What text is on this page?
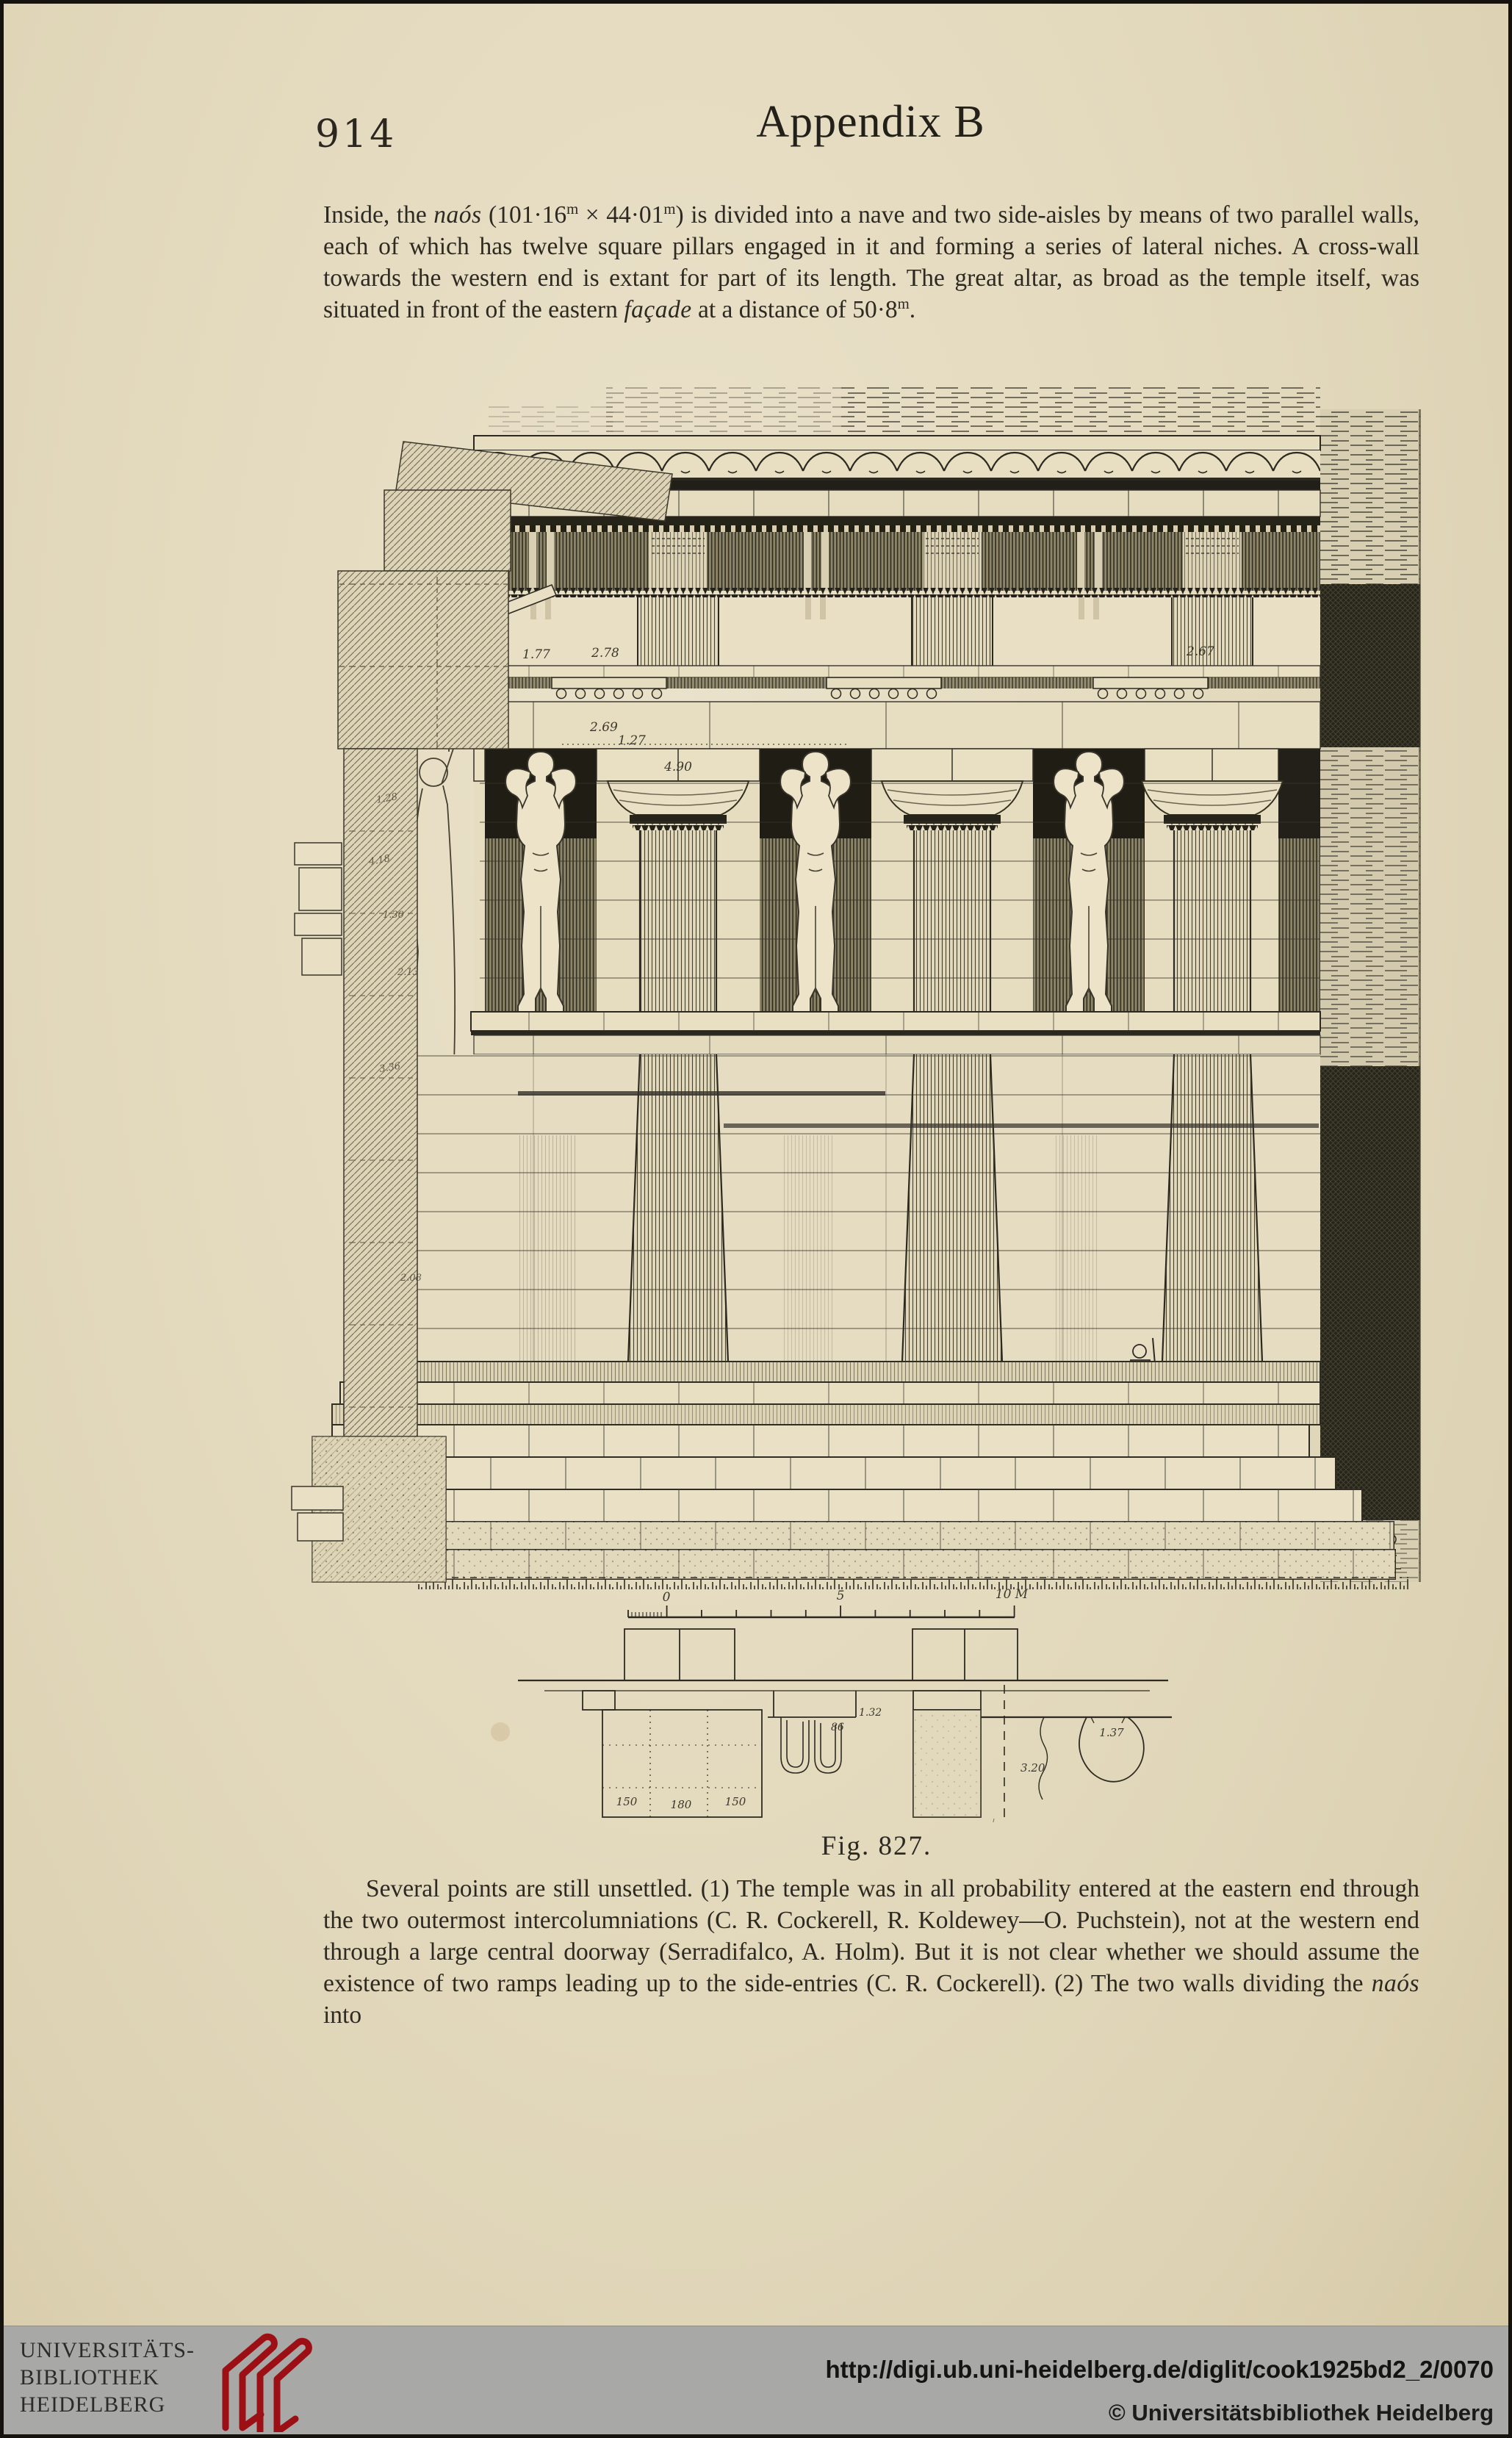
914	Appendix B
Inside, the naós $(101\cdot 16^m \times 44\cdot 01^m)$ is divided into a nave and two side-aisles by means of two parallel walls, each of which has twelve square pillars engaged in it and forming a series of lateral niches. A cross-wall towards the western end is extant for part of its length. The great altar, as broad as the temple itself, was situated in front of the eastern façade at a distance of $50\cdot 8^m$.
1.77	2.78	2.67
2.69
1.27
4.90
0	5	10 M
150	180	150
86
1.32
3.20
1.37
1.28
4.18
1.30
2.13
3.36
2.08
Fig. 827.
Several points are still unsettled. (1) The temple was in all probability entered at the eastern end through the two outermost intercolumniations (C. R. Cockerell, R. Koldewey—O. Puchstein), not at the western end through a large central doorway (Serradifalco, A. Holm). But it is not clear whether we should assume the existence of two ramps leading up to the side-entries (C. R. Cockerell). (2) The two walls dividing the naós into
UNIVERSITÄTS-
BIBLIOTHEK
HEIDELBERG
http://digi.ub.uni-heidelberg.de/diglit/cook1925bd2_2/0070
© Universitätsbibliothek Heidelberg
